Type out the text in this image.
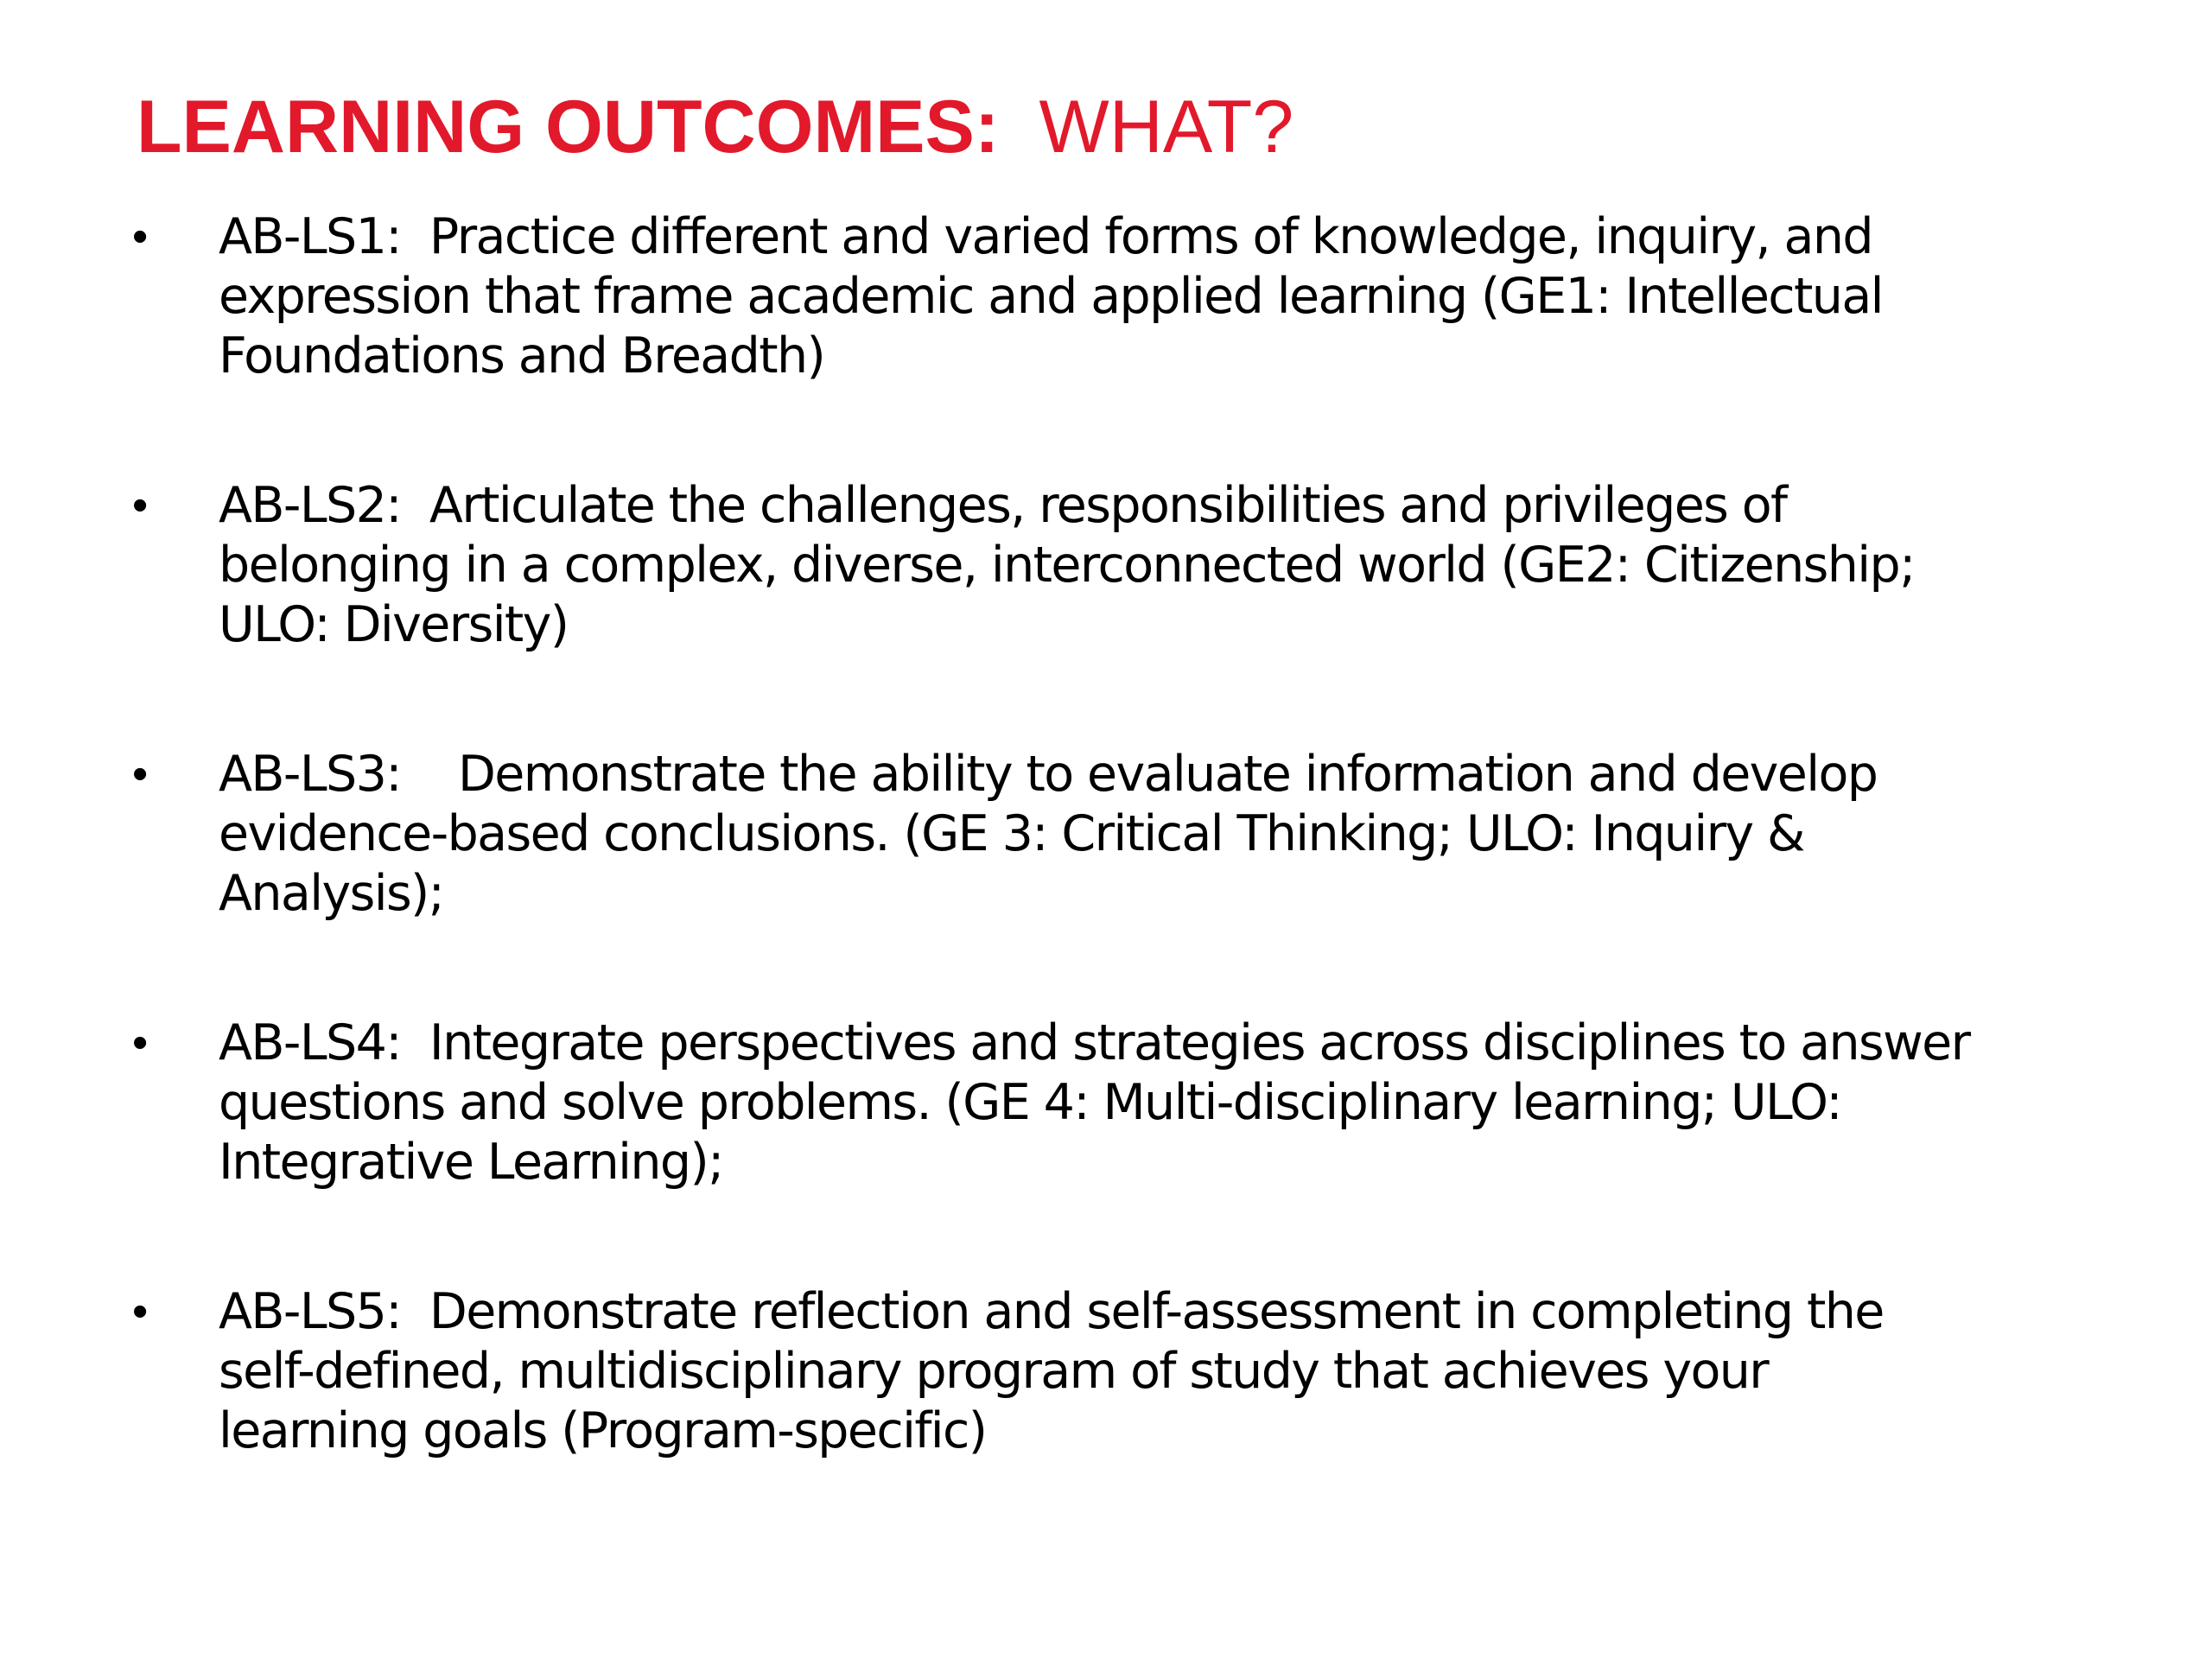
LEARNING OUTCOMES: WHAT?
• AB-LS1: Practice different and varied forms of knowledge, inquiry, and
expression that frame academic and applied learning (GE1: Intellectual
Foundations and Breadth)
• AB-LS2: Articulate the challenges, responsibilities and privileges of
belonging in a complex, diverse, interconnected world (GE2: Citizenship;
ULO: Diversity)
• AB-LS3: Demonstrate the ability to evaluate information and develop
evidence-based conclusions. (GE 3: Critical Thinking; ULO: Inquiry &
Analysis);
• AB-LS4: Integrate perspectives and strategies across disciplines to answer
questions and solve problems. (GE 4: Multi-disciplinary learning; ULO:
Integrative Learning);
• AB-LS5: Demonstrate reflection and self-assessment in completing the
self-defined, multidisciplinary program of study that achieves your
learning goals (Program-specific)
